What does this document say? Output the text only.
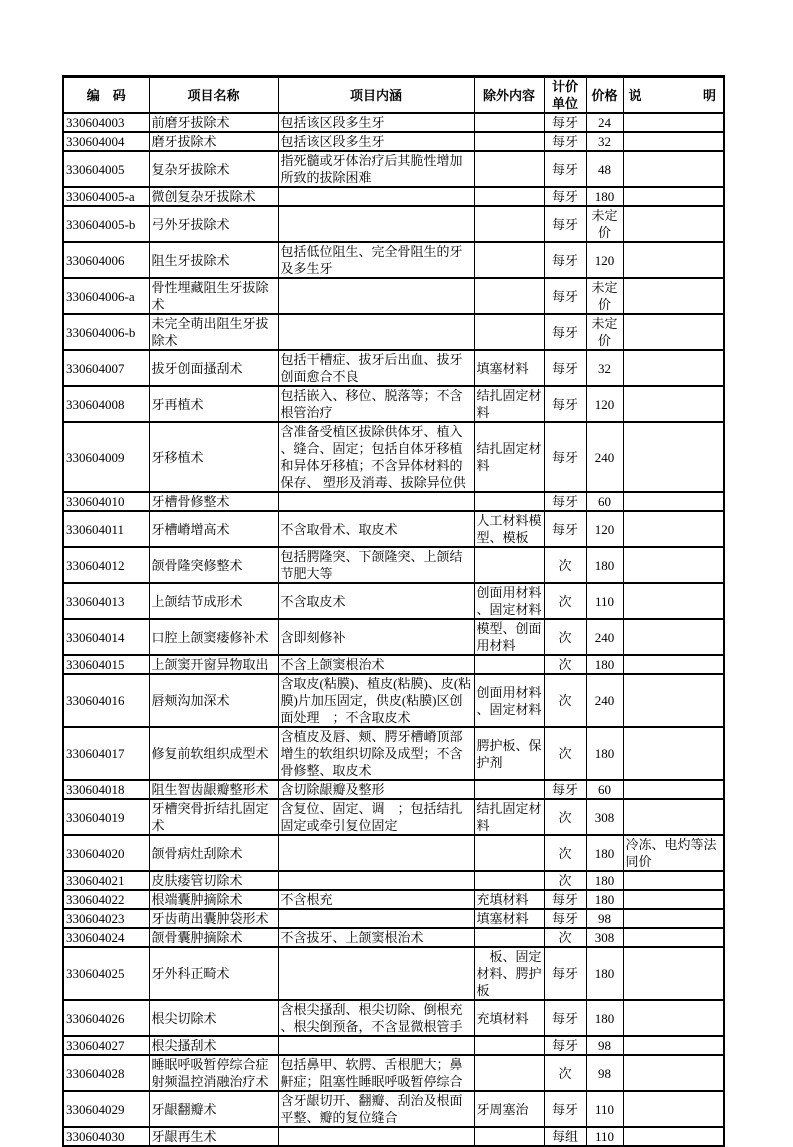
编　码	项目名称	项目内涵	除外内容	计价单位	价格	说 明

330604003	前磨牙拔除术	包括该区段多生牙		每牙	24	
330604004	磨牙拔除术	包括该区段多生牙		每牙	32	
330604005	复杂牙拔除术	指死髓或牙体治疗后其脆性增加所致的拔除困难		每牙	48	
330604005-a	微创复杂牙拔除术			每牙	180	
330604005-b	弓外牙拔除术			每牙	未定价	
330604006	阻生牙拔除术	包括低位阻生、完全骨阻生的牙及多生牙		每牙	120	
330604006-a	骨性埋藏阻生牙拔除术			每牙	未定价	
330604006-b	未完全萌出阻生牙拔除术			每牙	未定价	
330604007	拔牙创面搔刮术	包括干槽症、拔牙后出血、拔牙创面愈合不良	填塞材料	每牙	32	
330604008	牙再植术	包括嵌入、移位、脱落等；不含根管治疗	结扎固定材料	每牙	120	
330604009	牙移植术	含准备受植区拔除供体牙、植入、缝合、固定；包括自体牙移植和异体牙移植；不含异体材料的保存、 塑形及消毒、拔除异位供	结扎固定材料	每牙	240	
330604010	牙槽骨修整术			每牙	60	
330604011	牙槽嵴增高术	不含取骨术、取皮术	人工材料模型、模板	每牙	120	
330604012	颌骨隆突修整术	包括腭隆突、下颌隆突、上颌结节肥大等		次	180	
330604013	上颌结节成形术	不含取皮术	创面用材料、固定材料	次	110	
330604014	口腔上颌窦瘘修补术	含即刻修补	模型、创面用材料	次	240	
330604015	上颌窦开窗异物取出	不含上颌窦根治术		次	180	
330604016	唇颊沟加深术	含取皮(粘膜)、植皮(粘膜)、皮(粘膜)片加压固定，供皮(粘膜)区创面处理　；不含取皮术	创面用材料、固定材料	次	240	
330604017	修复前软组织成型术	含植皮及唇、颊、腭牙槽嵴顶部增生的软组织切除及成型；不含骨修整、取皮术	腭护板、保护剂	次	180	
330604018	阻生智齿龈瓣整形术	含切除龈瓣及整形		每牙	60	
330604019	牙槽突骨折结扎固定术	含复位、固定、调　；包括结扎固定或牵引复位固定	结扎固定材料	次	308	
330604020	颌骨病灶刮除术			次	180	冷冻、电灼等法同价
330604021	皮肤瘘管切除术			次	180	
330604022	根端囊肿摘除术	不含根充	充填材料	每牙	180	
330604023	牙齿萌出囊肿袋形术		填塞材料	每牙	98	
330604024	颌骨囊肿摘除术	不含拔牙、上颌窦根治术		次	308	
330604025	牙外科正畸术		　板、固定材料、腭护板	每牙	180	
330604026	根尖切除术	含根尖搔刮、根尖切除、倒根充、根尖倒预备，不含显微根管手	充填材料	每牙	180	
330604027	根尖搔刮术			每牙	98	
330604028	睡眠呼吸暂停综合症射频温控消融治疗术	包括鼻甲、软腭、舌根肥大；鼻鼾症；阻塞性睡眠呼吸暂停综合		次	98	
330604029	牙龈翻瓣术	含牙龈切开、翻瓣、刮治及根面平整、瓣的复位缝合	牙周塞治	每牙	110	
330604030	牙龈再生术			每组	110	
